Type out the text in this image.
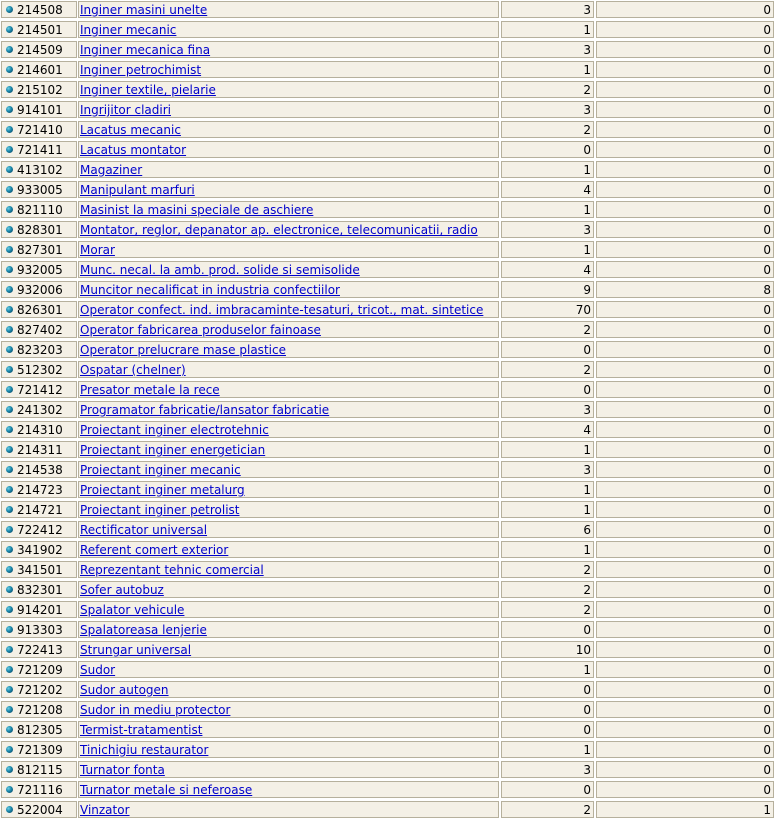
214508 Inginer masini unelte	3	0
214501 Inginer mecanic	1	0
214509 Inginer mecanica fina	3	0
214601 Inginer petrochimist	1	0
215102 Inginer textile, pielarie	2	0
914101 Ingrijitor cladiri	3	0
721410 Lacatus mecanic	2	0
721411 Lacatus montator	0	0
413102 Magaziner	1	0
933005 Manipulant marfuri	4	0
821110 Masinist la masini speciale de aschiere	1	0
828301 Montator, reglor, depanator ap. electronice, telecomunicatii, radio	3	0
827301 Morar	1	0
932005 Munc. necal. la amb. prod. solide si semisolide	4	0
932006 Muncitor necalificat in industria confectiilor	9	8
826301 Operator confect. ind. imbracaminte-tesaturi, tricot., mat. sintetice	70	0
827402 Operator fabricarea produselor fainoase	2	0
823203 Operator prelucrare mase plastice	0	0
512302 Ospatar (chelner)	2	0
721412 Presator metale la rece	0	0
241302 Programator fabricatie/lansator fabricatie	3	0
214310 Proiectant inginer electrotehnic	4	0
214311 Proiectant inginer energetician	1	0
214538 Proiectant inginer mecanic	3	0
214723 Proiectant inginer metalurg	1	0
214721 Proiectant inginer petrolist	1	0
722412 Rectificator universal	6	0
341902 Referent comert exterior	1	0
341501 Reprezentant tehnic comercial	2	0
832301 Sofer autobuz	2	0
914201 Spalator vehicule	2	0
913303 Spalatoreasa lenjerie	0	0
722413 Strungar universal	10	0
721209 Sudor	1	0
721202 Sudor autogen	0	0
721208 Sudor in mediu protector	0	0
812305 Termist-tratamentist	0	0
721309 Tinichigiu restaurator	1	0
812115 Turnator fonta	3	0
721116 Turnator metale si neferoase	0	0
522004 Vinzator	2	1
